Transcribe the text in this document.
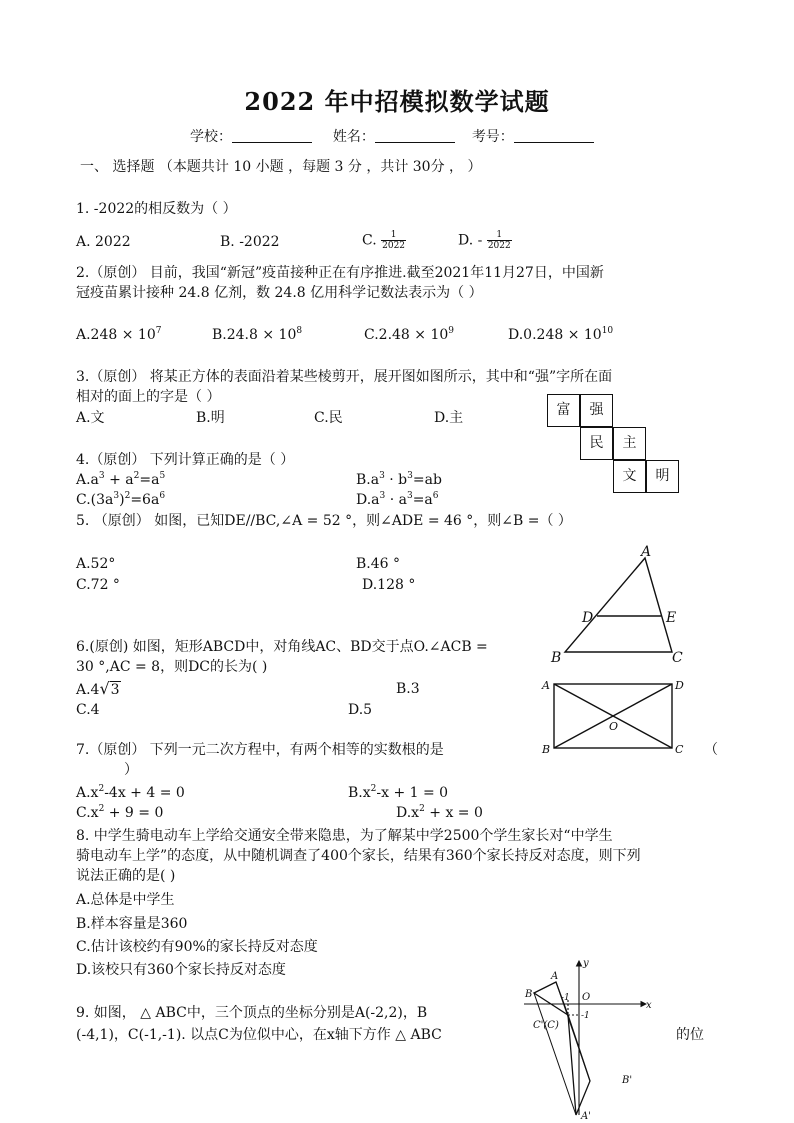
2022 年中招模拟数学试题
学校：	姓名：	考号：
一、 选择题 （本题共计 10 小题 ，每题 3 分 ，共计 30分 ， ）
1. -2022的相反数为（ ）
A. 2022	B. -2022	C. $\frac{1}{2022}$	D. - $\frac{1}{2022}$
2.（原创） 目前，我国“新冠”疫苗接种正在有序推进.截至2021年11月27日，中国新
冠疫苗累计接种 24.8 亿剂，数 24.8 亿用科学记数法表示为（ ）
$A.248 \times 10^7$	$B.24.8 \times 10^8$	$C.2.48 \times 10^9$	$D.0.248 \times 10^{10}$
3.（原创） 将某正方体的表面沿着某些棱剪开，展开图如图所示，其中和“强”字所在面
相对的面上的字是（ ）
A.文	B.明	C.民	D.主	富	强
民	主
文	明
4.（原创） 下列计算正确的是（ ）
$A.a^3 + a^2=a^5$	$B.a^3 \cdot b^3=ab$
$C.(3a^3)^2=6a^6$	$D.a^3 \cdot a^3=a^6$
5. （原创） 如图，已知DE//BC,∠A = 52 °，则∠ADE = 46 °，则∠B =（ ）
A.52°	B.46 °
C.72 °	D.128 °
A
B	C
D	E
6.(原创) 如图，矩形ABCD中，对角线AC、BD交于点O.∠ACB =
30 °,AC = 8，则DC的长为( )
A.4√3	B.3
C.4	D.5
A
B	C
D
O
7.（原创） 下列一元二次方程中，有两个相等的实数根的是	（
）
$A.x^2-4x + 4 = 0$	$B.x^2-x + 1 = 0$
$C.x^2 + 9 = 0$	$D.x^2 + x = 0$
8. 中学生骑电动车上学给交通安全带来隐患，为了解某中学2500个学生家长对“中学生
骑电动车上学”的态度，从中随机调查了400个家长，结果有360个家长持反对态度，则下列
说法正确的是( )
A.总体是中学生
B.样本容量是360
C.估计该校约有90%的家长持反对态度
D.该校只有360个家长持反对态度
9. 如图， △ ABC中，三个顶点的坐标分别是A(-2,2)，B
(-4,1)，C(-1,-1). 以点C为位似中心，在x轴下方作 △ ABC	的位
y
x
A
B	O
-1
-1
C'(C)
B'
A'
